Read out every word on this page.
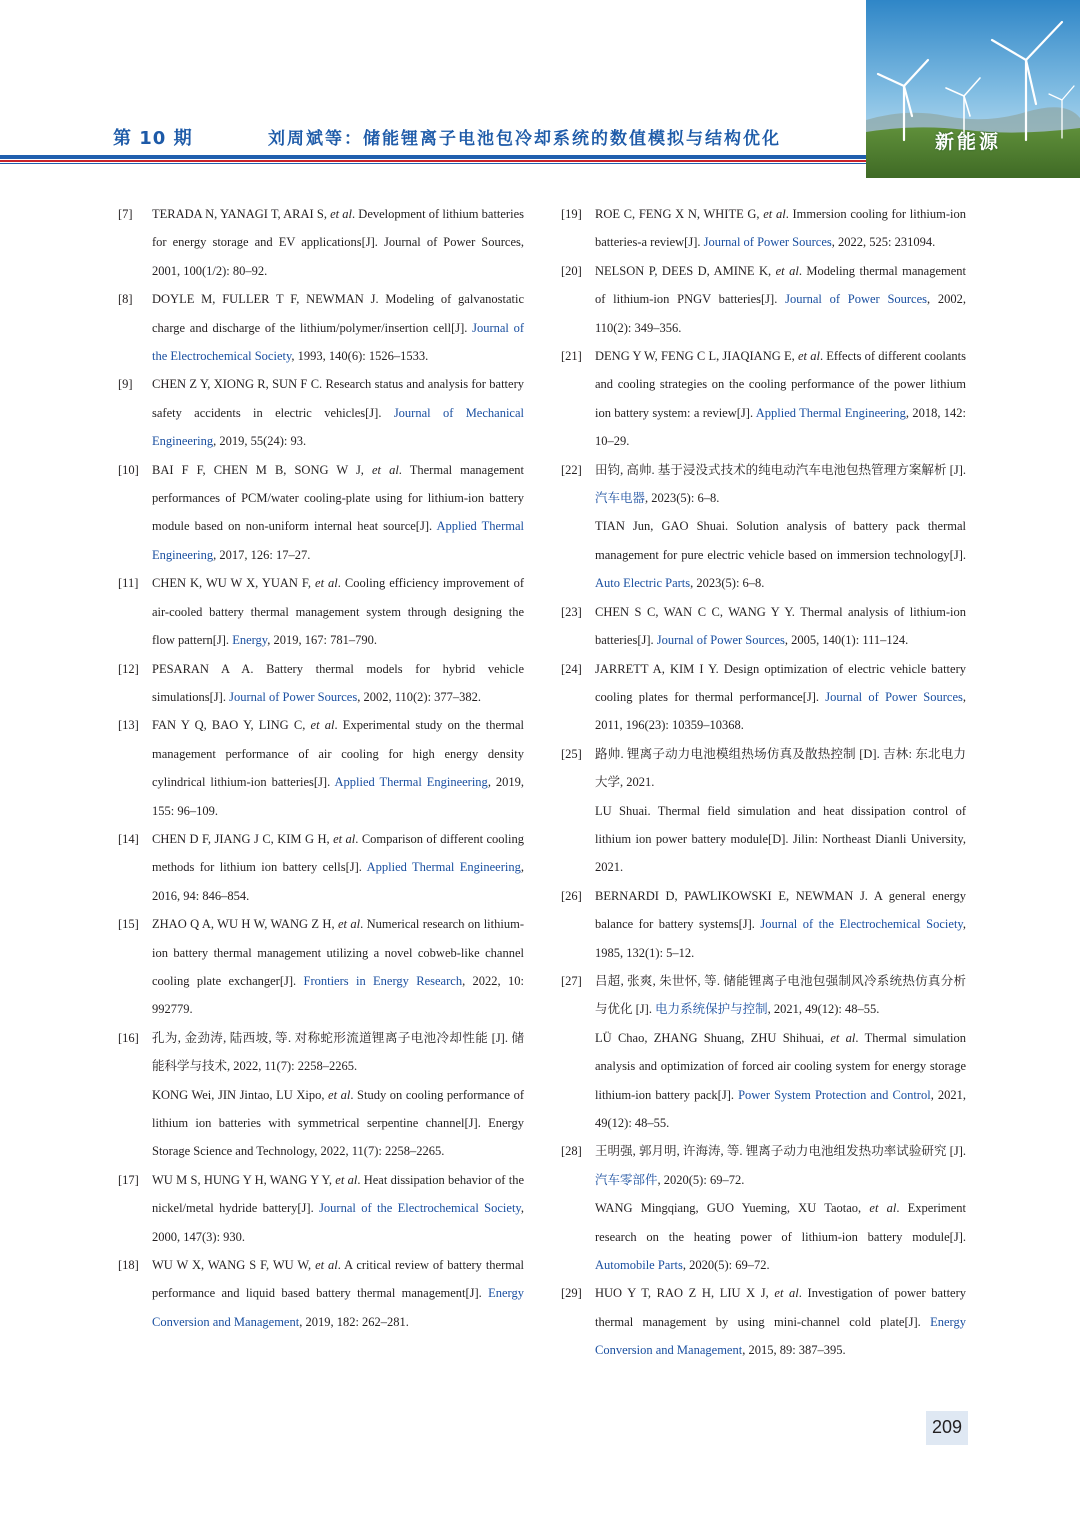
第 10 期	刘周斌等：储能锂离子电池包冷却系统的数值模拟与结构优化	新能源
[7]	TERADA N, YANAGI T, ARAI S, et al. Development of lithium batteries for energy storage and EV applications[J]. Journal of Power Sources, 2001, 100(1/2): 80–92.
[8]	DOYLE M, FULLER T F, NEWMAN J. Modeling of galvanostatic charge and discharge of the lithium/polymer/insertion cell[J]. Journal of the Electrochemical Society, 1993, 140(6): 1526–1533.
[9]	CHEN Z Y, XIONG R, SUN F C. Research status and analysis for battery safety accidents in electric vehicles[J]. Journal of Mechanical Engineering, 2019, 55(24): 93.
[10]	BAI F F, CHEN M B, SONG W J, et al. Thermal management performances of PCM/water cooling-plate using for lithium-ion battery module based on non-uniform internal heat source[J]. Applied Thermal Engineering, 2017, 126: 17–27.
[11]	CHEN K, WU W X, YUAN F, et al. Cooling efficiency improvement of air-cooled battery thermal management system through designing the flow pattern[J]. Energy, 2019, 167: 781–790.
[12]	PESARAN A A. Battery thermal models for hybrid vehicle simulations[J]. Journal of Power Sources, 2002, 110(2): 377–382.
[13]	FAN Y Q, BAO Y, LING C, et al. Experimental study on the thermal management performance of air cooling for high energy density cylindrical lithium-ion batteries[J]. Applied Thermal Engineering, 2019, 155: 96–109.
[14]	CHEN D F, JIANG J C, KIM G H, et al. Comparison of different cooling methods for lithium ion battery cells[J]. Applied Thermal Engineering, 2016, 94: 846–854.
[15]	ZHAO Q A, WU H W, WANG Z H, et al. Numerical research on lithium-ion battery thermal management utilizing a novel cobweb-like channel cooling plate exchanger[J]. Frontiers in Energy Research, 2022, 10: 992779.
[16]	孔为, 金劲涛, 陆西坡, 等. 对称蛇形流道锂离子电池冷却性能 [J]. 储能科学与技术, 2022, 11(7): 2258–2265.
KONG Wei, JIN Jintao, LU Xipo, et al. Study on cooling performance of lithium ion batteries with symmetrical serpentine channel[J]. Energy Storage Science and Technology, 2022, 11(7): 2258–2265.
[17]	WU M S, HUNG Y H, WANG Y Y, et al. Heat dissipation behavior of the nickel/metal hydride battery[J]. Journal of the Electrochemical Society, 2000, 147(3): 930.
[18]	WU W X, WANG S F, WU W, et al. A critical review of battery thermal performance and liquid based battery thermal management[J]. Energy Conversion and Management, 2019, 182: 262–281.
[19]	ROE C, FENG X N, WHITE G, et al. Immersion cooling for lithium-ion batteries-a review[J]. Journal of Power Sources, 2022, 525: 231094.
[20]	NELSON P, DEES D, AMINE K, et al. Modeling thermal management of lithium-ion PNGV batteries[J]. Journal of Power Sources, 2002, 110(2): 349–356.
[21]	DENG Y W, FENG C L, JIAQIANG E, et al. Effects of different coolants and cooling strategies on the cooling performance of the power lithium ion battery system: a review[J]. Applied Thermal Engineering, 2018, 142: 10–29.
[22]	田钧, 高帅. 基于浸没式技术的纯电动汽车电池包热管理方案解析 [J]. 汽车电器, 2023(5): 6–8.
TIAN Jun, GAO Shuai. Solution analysis of battery pack thermal management for pure electric vehicle based on immersion technology[J]. Auto Electric Parts, 2023(5): 6–8.
[23]	CHEN S C, WAN C C, WANG Y Y. Thermal analysis of lithium-ion batteries[J]. Journal of Power Sources, 2005, 140(1): 111–124.
[24]	JARRETT A, KIM I Y. Design optimization of electric vehicle battery cooling plates for thermal performance[J]. Journal of Power Sources, 2011, 196(23): 10359–10368.
[25]	路帅. 锂离子动力电池模组热场仿真及散热控制 [D]. 吉林: 东北电力大学, 2021.
LU Shuai. Thermal field simulation and heat dissipation control of lithium ion power battery module[D]. Jilin: Northeast Dianli University, 2021.
[26]	BERNARDI D, PAWLIKOWSKI E, NEWMAN J. A general energy balance for battery systems[J]. Journal of the Electrochemical Society, 1985, 132(1): 5–12.
[27]	吕超, 张爽, 朱世怀, 等. 储能锂离子电池包强制风冷系统热仿真分析与优化 [J]. 电力系统保护与控制, 2021, 49(12): 48–55.
LÜ Chao, ZHANG Shuang, ZHU Shihuai, et al. Thermal simulation analysis and optimization of forced air cooling system for energy storage lithium-ion battery pack[J]. Power System Protection and Control, 2021, 49(12): 48–55.
[28]	王明强, 郭月明, 许海涛, 等. 锂离子动力电池组发热功率试验研究 [J]. 汽车零部件, 2020(5): 69–72.
WANG Mingqiang, GUO Yueming, XU Taotao, et al. Experiment research on the heating power of lithium-ion battery module[J]. Automobile Parts, 2020(5): 69–72.
[29]	HUO Y T, RAO Z H, LIU X J, et al. Investigation of power battery thermal management by using mini-channel cold plate[J]. Energy Conversion and Management, 2015, 89: 387–395.
209
